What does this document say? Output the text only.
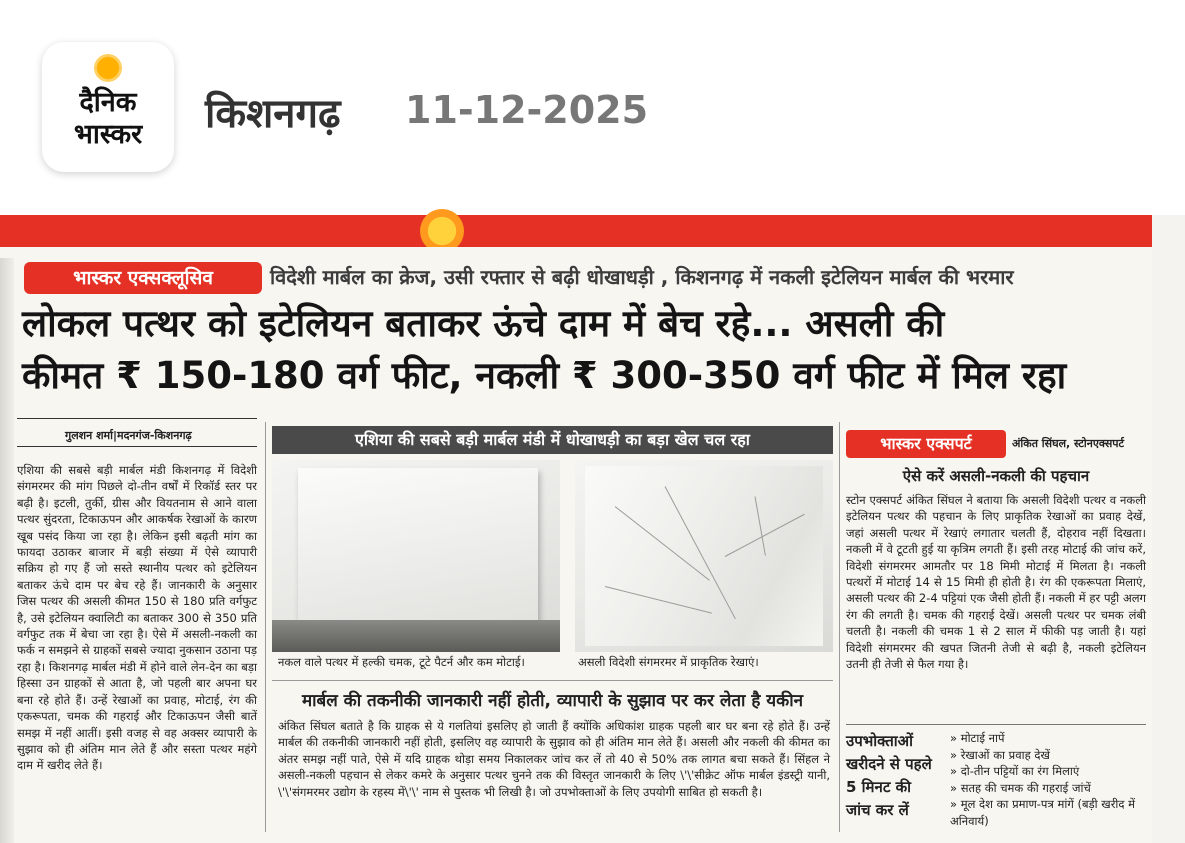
दैनिक
भास्कर	किशनगढ़ 11-12-2025
भास्कर एक्सक्लूसिव	विदेशी मार्बल का क्रेज, उसी रफ्तार से बढ़ी धोखाधड़ी , किशनगढ़ में नकली इटेलियन मार्बल की भरमार
लोकल पत्थर को इटेलियन बताकर ऊंचे दाम में बेच रहे... असली की
कीमत ₹ 150-180 वर्ग फीट, नकली ₹ 300-350 वर्ग फीट में मिल रहा
गुलशन शर्मा|मदनगंज-किशनगढ़
एशिया की सबसे बड़ी मार्बल मंडी किशनगढ़ में विदेशी संगमरमर की मांग पिछले दो-तीन वर्षों में रिकॉर्ड स्तर पर बढ़ी है। इटली, तुर्की, ग्रीस और वियतनाम से आने वाला पत्थर सुंदरता, टिकाऊपन और आकर्षक रेखाओं के कारण खूब पसंद किया जा रहा है। लेकिन इसी बढ़ती मांग का फायदा उठाकर बाजार में बड़ी संख्या में ऐसे व्यापारी सक्रिय हो गए हैं जो सस्ते स्थानीय पत्थर को इटेलियन बताकर ऊंचे दाम पर बेच रहे हैं। जानकारी के अनुसार जिस पत्थर की असली कीमत 150 से 180 प्रति वर्गफुट है, उसे इटेलियन क्वालिटी का बताकर 300 से 350 प्रति वर्गफुट तक में बेचा जा रहा है। ऐसे में असली-नकली का फर्क न समझने से ग्राहकों सबसे ज्यादा नुकसान उठाना पड़ रहा है। किशनगढ़ मार्बल मंडी में होने वाले लेन-देन का बड़ा हिस्सा उन ग्राहकों से आता है, जो पहली बार अपना घर बना रहे होते हैं। उन्हें रेखाओं का प्रवाह, मोटाई, रंग की एकरूपता, चमक की गहराई और टिकाऊपन जैसी बातें समझ में नहीं आतीं। इसी वजह से वह अक्सर व्यापारी के सुझाव को ही अंतिम मान लेते हैं और सस्ता पत्थर महंगे दाम में खरीद लेते हैं।
एशिया की सबसे बड़ी मार्बल मंडी में धोखाधड़ी का बड़ा खेल चल रहा
नकल वाले पत्थर में हल्की चमक, टूटे पैटर्न और कम मोटाई।	असली विदेशी संगमरमर में प्राकृतिक रेखाएं।
मार्बल की तकनीकी जानकारी नहीं होती, व्यापारी के सुझाव पर कर लेता है यकीन
अंकित सिंघल बताते है कि ग्राहक से ये गलतियां इसलिए हो जाती हैं क्योंकि अधिकांश ग्राहक पहली बार घर बना रहे होते हैं। उन्हें मार्बल की तकनीकी जानकारी नहीं होती, इसलिए वह व्यापारी के सुझाव को ही अंतिम मान लेते हैं। असली और नकली की कीमत का अंतर समझ नहीं पाते, ऐसे में यदि ग्राहक थोड़ा समय निकालकर जांच कर लें तो 40 से 50% तक लागत बचा सकते हैं। सिंहल ने असली-नकली पहचान से लेकर कमरे के अनुसार पत्थर चुनने तक की विस्तृत जानकारी के लिए \'\'सीक्रेट ऑफ मार्बल इंडस्ट्री यानी, \'\'संगमरमर उद्योग के रहस्य में\'\' नाम से पुस्तक भी लिखी है। जो उपभोक्ताओं के लिए उपयोगी साबित हो सकती है।
भास्कर एक्सपर्ट	अंकित सिंघल, स्टोनएक्सपर्ट
ऐसे करें असली-नकली की पहचान
स्टोन एक्सपर्ट अंकित सिंघल ने बताया कि असली विदेशी पत्थर व नकली इटेलियन पत्थर की पहचान के लिए प्राकृतिक रेखाओं का प्रवाह देखें, जहां असली पत्थर में रेखाएं लगातार चलती हैं, दोहराव नहीं दिखता। नकली में वे टूटती हुई या कृत्रिम लगती हैं। इसी तरह मोटाई की जांच करें, विदेशी संगमरमर आमतौर पर 18 मिमी मोटाई में मिलता है। नकली पत्थरों में मोटाई 14 से 15 मिमी ही होती है। रंग की एकरूपता मिलाएं, असली पत्थर की 2-4 पट्टियां एक जैसी होती हैं। नकली में हर पट्टी अलग रंग की लगती है। चमक की गहराई देखें। असली पत्थर पर चमक लंबी चलती है। नकली की चमक 1 से 2 साल में फीकी पड़ जाती है। यहां विदेशी संगमरमर की खपत जितनी तेजी से बढ़ी है, नकली इटेलियन उतनी ही तेजी से फैल गया है।
उपभोक्ताओं
खरीदने से पहले
5 मिनट की
जांच कर लें
» मोटाई नापें
» रेखाओं का प्रवाह देखें
» दो-तीन पट्टियों का रंग मिलाएं
» सतह की चमक की गहराई जांचें
» मूल देश का प्रमाण-पत्र मांगें (बड़ी खरीद में अनिवार्य)
